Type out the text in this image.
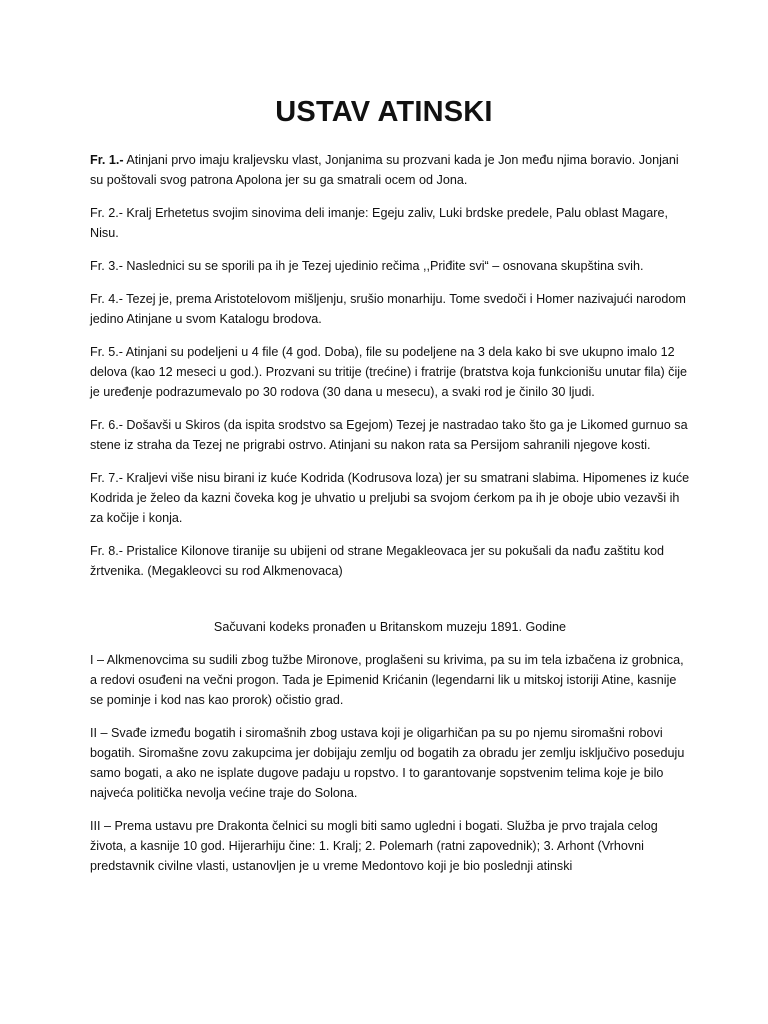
USTAV ATINSKI

Fr. 1.- Atinjani prvo imaju kraljevsku vlast, Jonjanima su prozvani kada je Jon među njima boravio. Jonjani su poštovali svog patrona Apolona jer su ga smatrali ocem od Jona.

Fr. 2.- Kralj Erhetetus svojim sinovima deli imanje: Egeju zaliv, Luki brdske predele, Palu oblast Magare, Nisu.

Fr. 3.- Naslednici su se sporili pa ih je Tezej ujedinio rečima ,,Priđite svi“ – osnovana skupština svih.

Fr. 4.- Tezej je, prema Aristotelovom mišljenju, srušio monarhiju. Tome svedoči i Homer nazivajući narodom jedino Atinjane u svom Katalogu brodova.

Fr. 5.- Atinjani su podeljeni u 4 file (4 god. Doba), file su podeljene na 3 dela kako bi sve ukupno imalo 12 delova (kao 12 meseci u god.). Prozvani su tritije (trećine) i fratrije (bratstva koja funkcionišu unutar fila) čije je uređenje podrazumevalo po 30 rodova (30 dana u mesecu), a svaki rod je činilo 30 ljudi.

Fr. 6.- Došavši u Skiros (da ispita srodstvo sa Egejom) Tezej je nastradao tako što ga je Likomed gurnuo sa stene iz straha da Tezej ne prigrabi ostrvo. Atinjani su nakon rata sa Persijom sahranili njegove kosti.

Fr. 7.- Kraljevi više nisu birani iz kuće Kodrida (Kodrusova loza) jer su smatrani slabima. Hipomenes iz kuće Kodrida je želeo da kazni čoveka kog je uhvatio u preljubi sa svojom ćerkom pa ih je oboje ubio vezavši ih za kočije i konja.

Fr. 8.- Pristalice Kilonove tiranije su ubijeni od strane Megakleovaca jer su pokušali da nađu zaštitu kod žrtvenika. (Megakleovci su rod Alkmenovaca)

Sačuvani kodeks pronađen u Britanskom muzeju 1891. Godine

I – Alkmenovcima su sudili zbog tužbe Mironove, proglašeni su krivima, pa su im tela izbačena iz grobnica, a redovi osuđeni na večni progon. Tada je Epimenid Krićanin (legendarni lik u mitskoj istoriji Atine, kasnije se pominje i kod nas kao prorok) očistio grad.

II – Svađe između bogatih i siromašnih zbog ustava koji je oligarhičan pa su po njemu siromašni robovi bogatih. Siromašne zovu zakupcima jer dobijaju zemlju od bogatih za obradu jer zemlju isključivo poseduju samo bogati, a ako ne isplate dugove padaju u ropstvo. I to garantovanje sopstvenim telima koje je bilo najveća politička nevolja većine traje do Solona.

III – Prema ustavu pre Drakonta čelnici su mogli biti samo ugledni i bogati. Služba je prvo trajala celog života, a kasnije 10 god. Hijerarhiju čine: 1. Kralj; 2. Polemarh (ratni zapovednik); 3. Arhont (Vrhovni predstavnik civilne vlasti, ustanovljen je u vreme Medontovo koji je bio poslednji atinski
